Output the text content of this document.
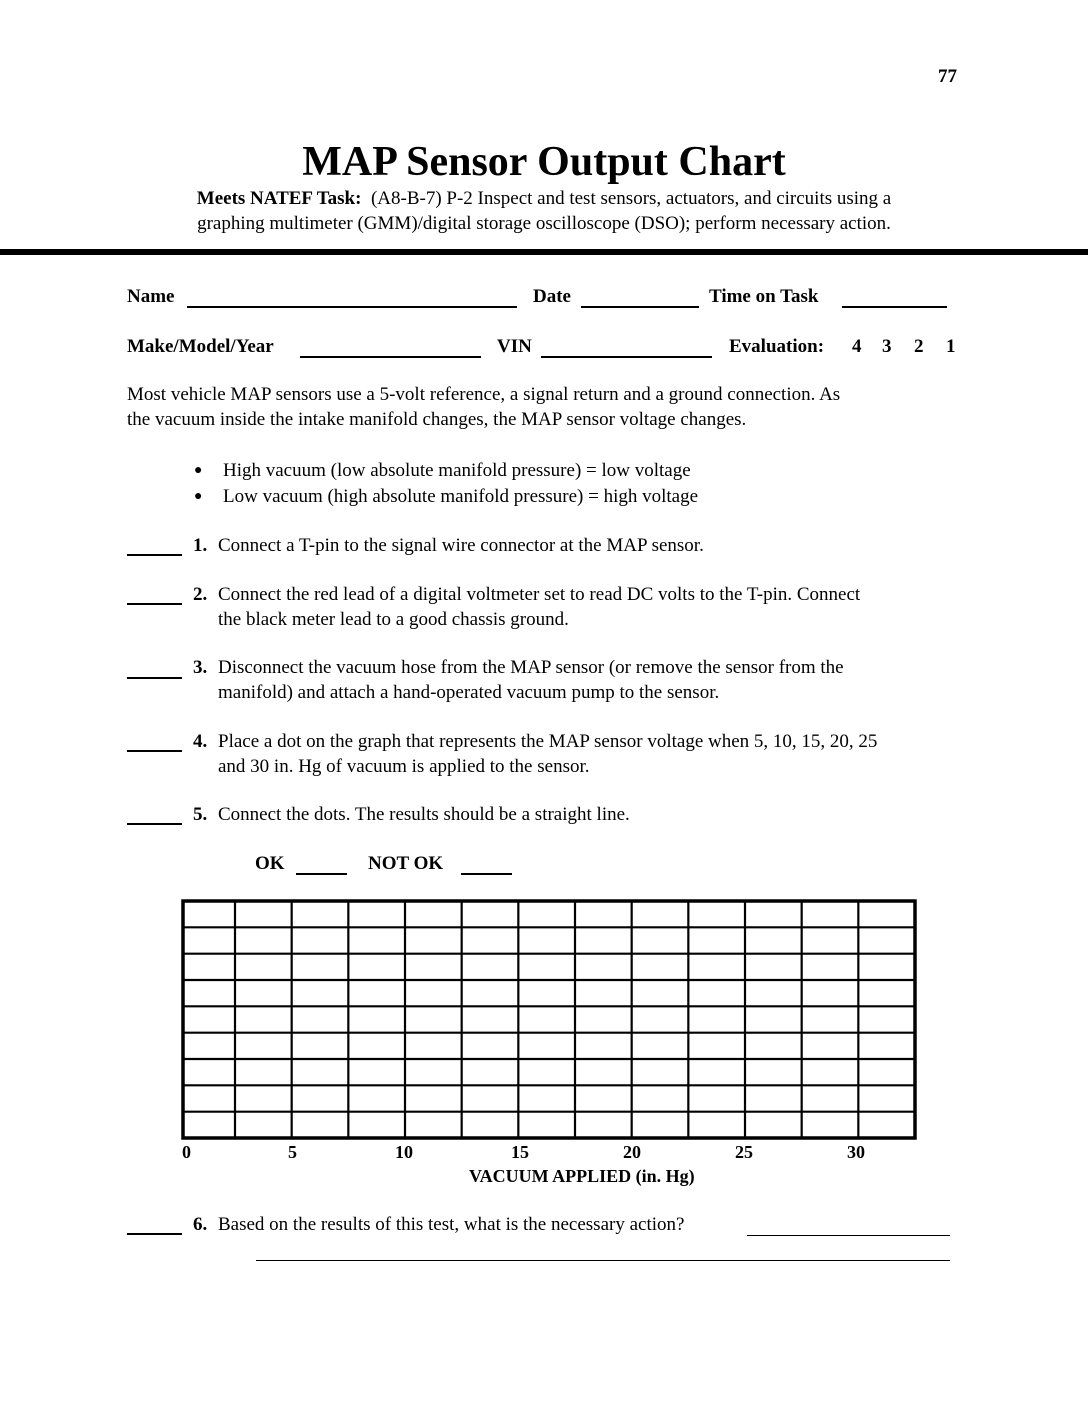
77
MAP Sensor Output Chart
Meets NATEF Task: (A8-B-7) P-2 Inspect and test sensors, actuators, and circuits using a
graphing multimeter (GMM)/digital storage oscilloscope (DSO); perform necessary action.
Name	Date	Time on Task
Make/Model/Year	VIN	Evaluation: 4 3 2 1
Most vehicle MAP sensors use a 5-volt reference, a signal return and a ground connection. As
the vacuum inside the intake manifold changes, the MAP sensor voltage changes.
● High vacuum (low absolute manifold pressure) = low voltage
● Low vacuum (high absolute manifold pressure) = high voltage
1. Connect a T-pin to the signal wire connector at the MAP sensor.
2. Connect the red lead of a digital voltmeter set to read DC volts to the T-pin. Connect
the black meter lead to a good chassis ground.
3. Disconnect the vacuum hose from the MAP sensor (or remove the sensor from the
manifold) and attach a hand-operated vacuum pump to the sensor.
4. Place a dot on the graph that represents the MAP sensor voltage when 5, 10, 15, 20, 25
and 30 in. Hg of vacuum is applied to the sensor.
5. Connect the dots. The results should be a straight line.
OK	NOT OK
0	5	10	15	20	25	30
VACUUM APPLIED (in. Hg)
6. Based on the results of this test, what is the necessary action?
